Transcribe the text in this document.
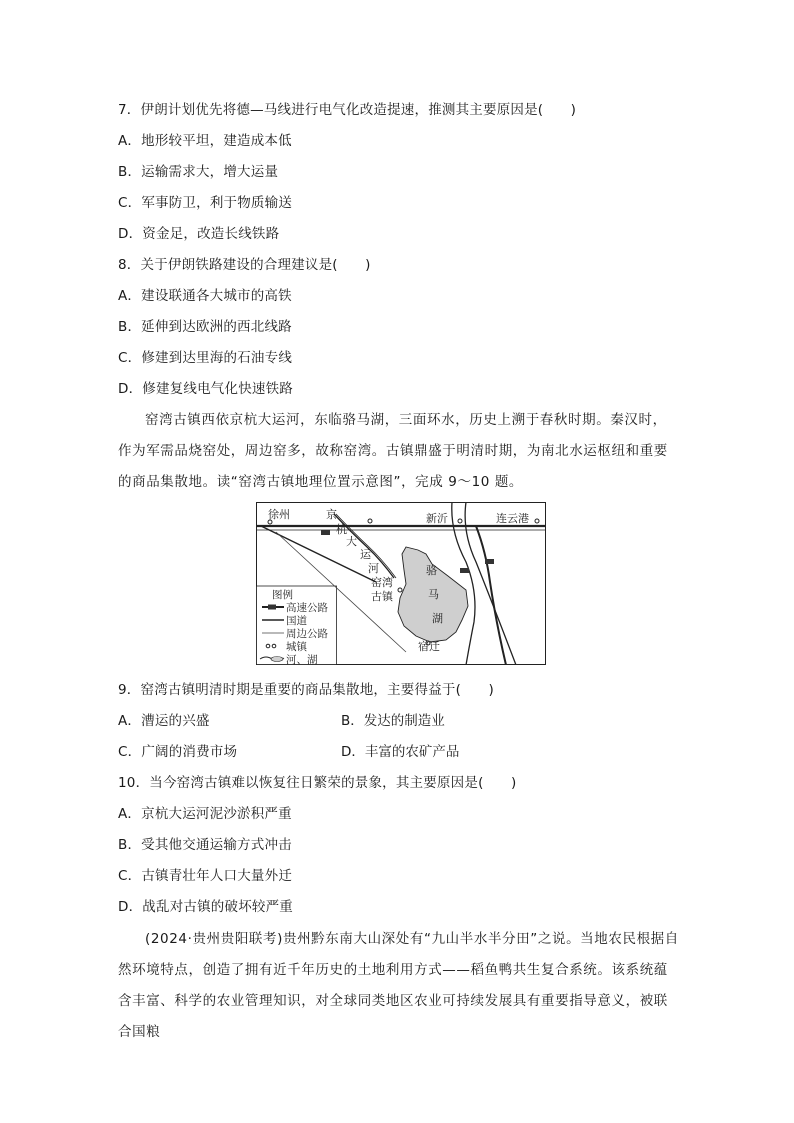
7．伊朗计划优先将德—马线进行电气化改造提速，推测其主要原因是(　　)
A．地形较平坦，建造成本低
B．运输需求大，增大运量
C．军事防卫，利于物质输送
D．资金足，改造长线铁路
8．关于伊朗铁路建设的合理建议是(　　)
A．建设联通各大城市的高铁
B．延伸到达欧洲的西北线路
C．修建到达里海的石油专线
D．修建复线电气化快速铁路
窑湾古镇西依京杭大运河，东临骆马湖，三面环水，历史上溯于春秋时期。秦汉时，作为军需品烧窑处，周边窑多，故称窑湾。古镇鼎盛于明清时期，为南北水运枢纽和重要的商品集散地。读“窑湾古镇地理位置示意图”，完成 9～10 题。
徐州	新沂	连云港
宿迁
京
杭
大
运
河
窑湾
古镇
骆
马
湖
图例
高速公路
国道
周边公路
城镇
河、湖
9．窑湾古镇明清时期是重要的商品集散地，主要得益于(　　)
A．漕运的兴盛	B．发达的制造业
C．广阔的消费市场	D．丰富的农矿产品
10．当今窑湾古镇难以恢复往日繁荣的景象，其主要原因是(　　)
A．京杭大运河泥沙淤积严重
B．受其他交通运输方式冲击
C．古镇青壮年人口大量外迁
D．战乱对古镇的破坏较严重
(2024·贵州贵阳联考)贵州黔东南大山深处有“九山半水半分田”之说。当地农民根据自然环境特点，创造了拥有近千年历史的土地利用方式——稻鱼鸭共生复合系统。该系统蕴含丰富、科学的农业管理知识，对全球同类地区农业可持续发展具有重要指导意义，被联合国粮
